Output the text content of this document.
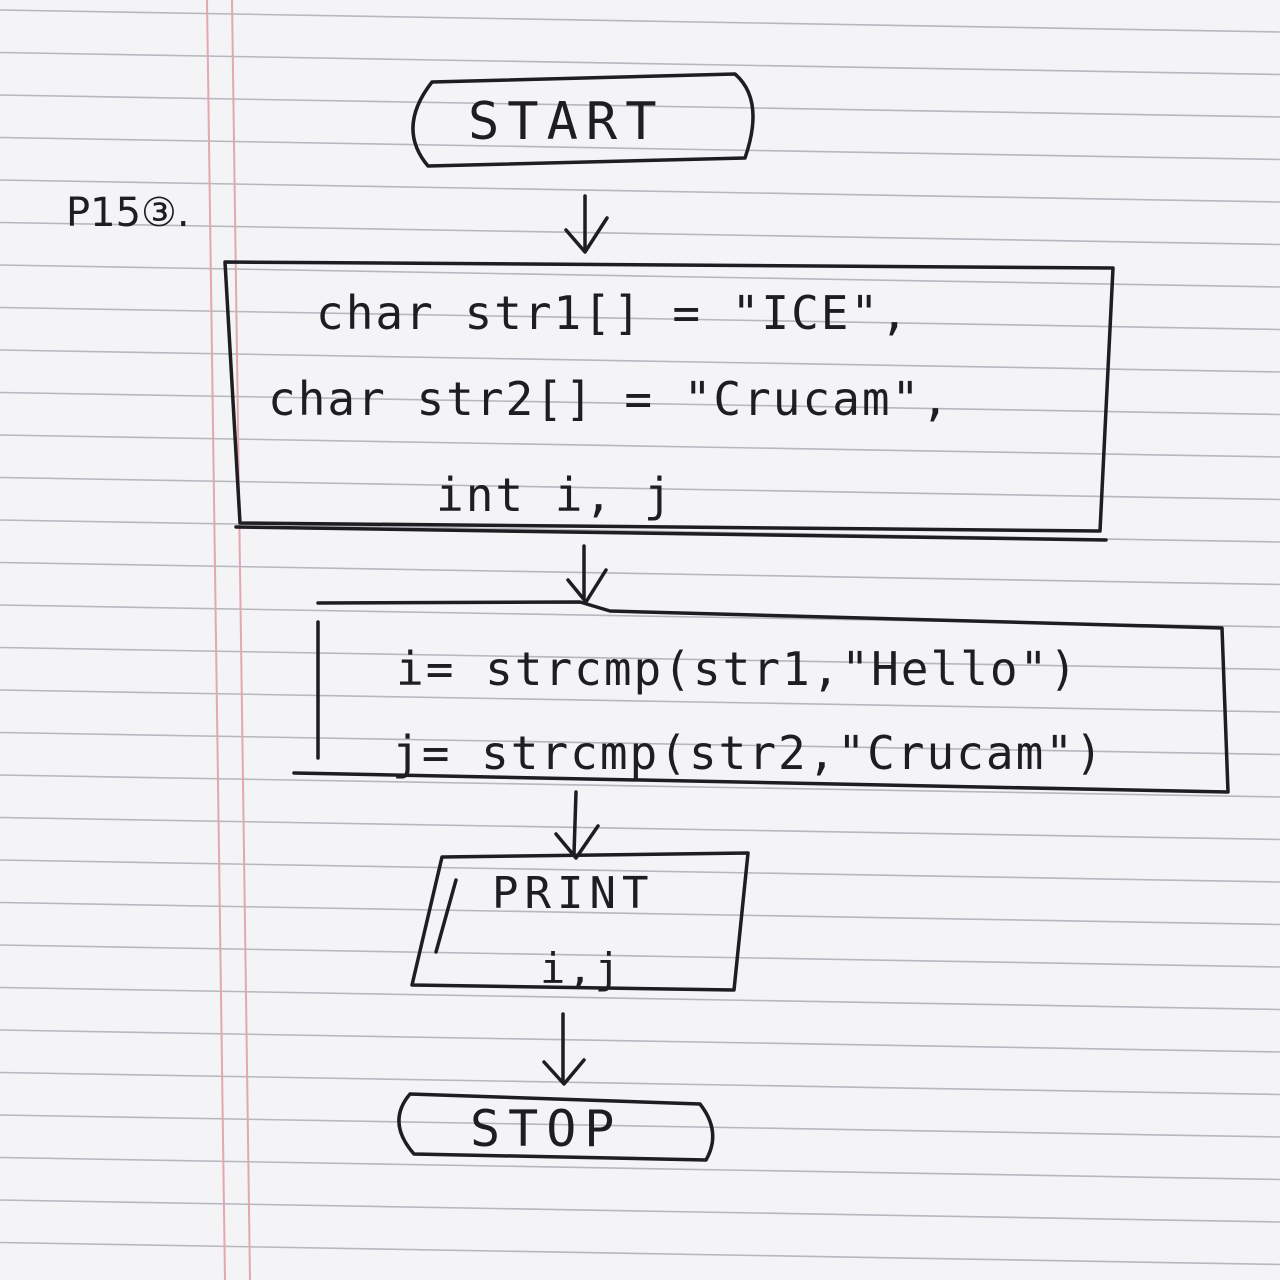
START
P15③.
char str1[] = "ICE",
char str2[] = "Crucam",
int i, j
i= strcmp(str1,"Hello")
j= strcmp(str2,"Crucam")
PRINT
i,j
STOP
